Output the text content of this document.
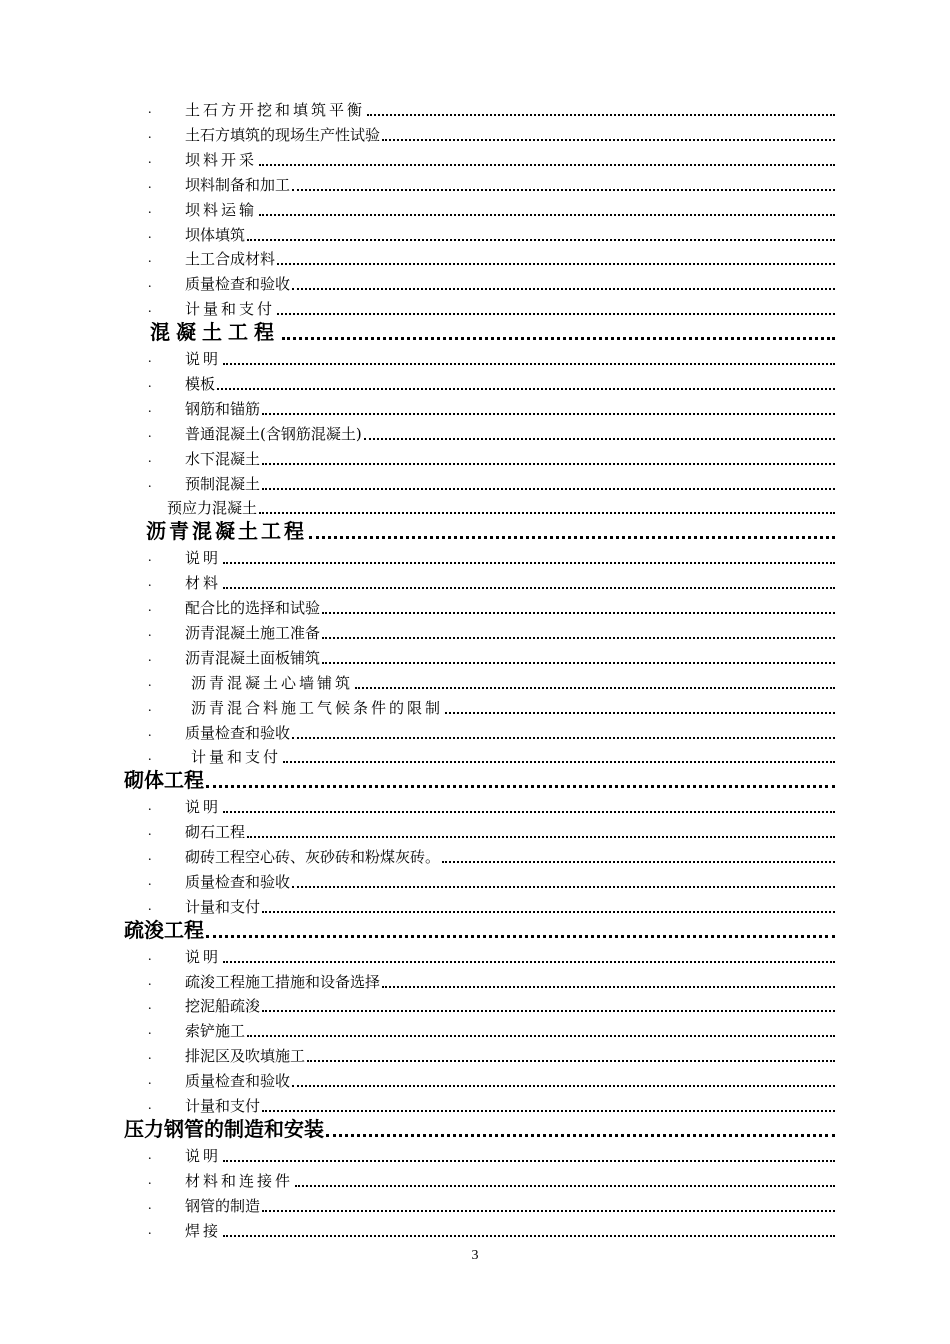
. 土石方开挖和填筑平衡
. 土石方填筑的现场生产性试验
. 坝料开采
. 坝料制备和加工
. 坝料运输
. 坝体填筑
. 土工合成材料
. 质量检查和验收
. 计量和支付
混凝土工程
. 说明
. 模板
. 钢筋和锚筋
. 普通混凝土(含钢筋混凝土)
. 水下混凝土
. 预制混凝土
预应力混凝土
沥青混凝土工程
. 说明
. 材料
. 配合比的选择和试验
. 沥青混凝土施工准备
. 沥青混凝土面板铺筑
.	沥青混凝土心墙铺筑
.	沥青混合料施工气候条件的限制
. 质量检查和验收
.	计量和支付
砌体工程
. 说明
. 砌石工程
. 砌砖工程空心砖、灰砂砖和粉煤灰砖。
. 质量检查和验收
. 计量和支付
疏浚工程
. 说明
. 疏浚工程施工措施和设备选择
. 挖泥船疏浚
. 索铲施工
. 排泥区及吹填施工
. 质量检查和验收
. 计量和支付
压力钢管的制造和安装
. 说明
. 材料和连接件
. 钢管的制造
. 焊接
3
